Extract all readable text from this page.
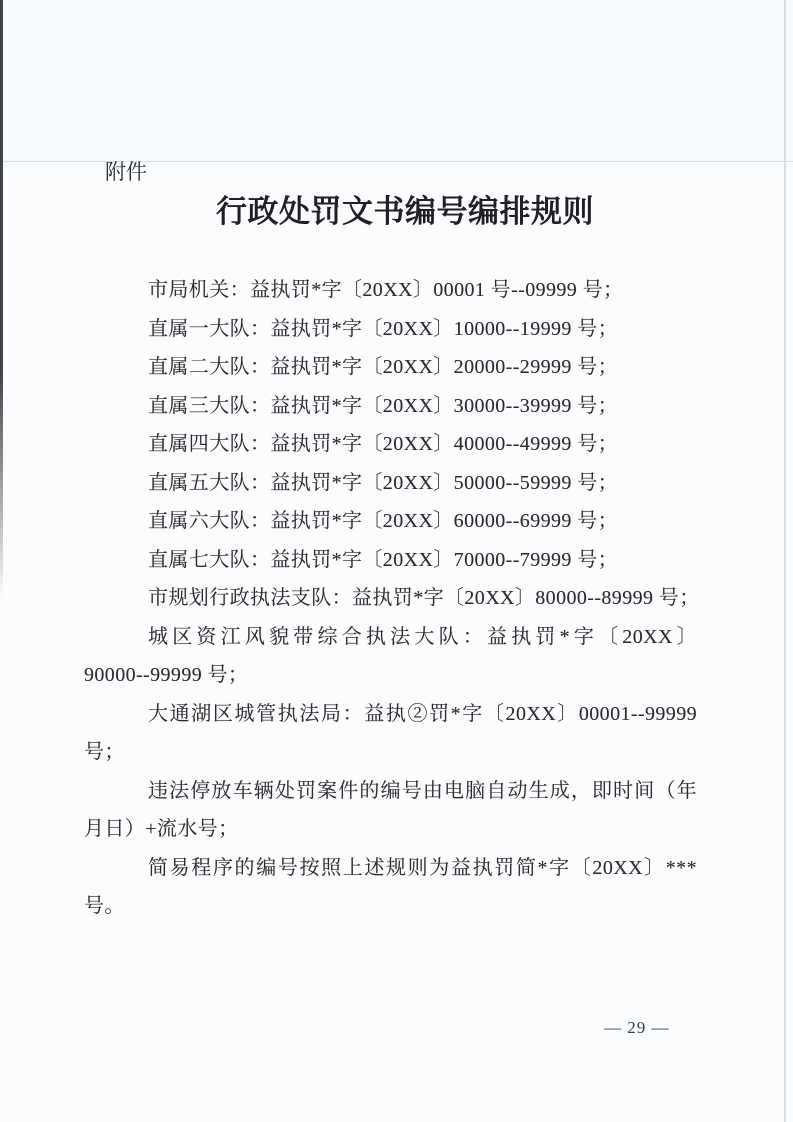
附件
行政处罚文书编号编排规则
市局机关：益执罚*字〔20XX〕00001 号--09999 号；
直属一大队：益执罚*字〔20XX〕10000--19999 号；
直属二大队：益执罚*字〔20XX〕20000--29999 号；
直属三大队：益执罚*字〔20XX〕30000--39999 号；
直属四大队：益执罚*字〔20XX〕40000--49999 号；
直属五大队：益执罚*字〔20XX〕50000--59999 号；
直属六大队：益执罚*字〔20XX〕60000--69999 号；
直属七大队：益执罚*字〔20XX〕70000--79999 号；
市规划行政执法支队：益执罚*字〔20XX〕80000--89999 号；
城区资江风貌带综合执法大队：益执罚*字〔20XX〕
90000--99999 号；
大通湖区城管执法局：益执②罚*字〔20XX〕00001--99999
号；
违法停放车辆处罚案件的编号由电脑自动生成，即时间（年
月日）+流水号；
简易程序的编号按照上述规则为益执罚简*字〔20XX〕***
号。
— 29 —
